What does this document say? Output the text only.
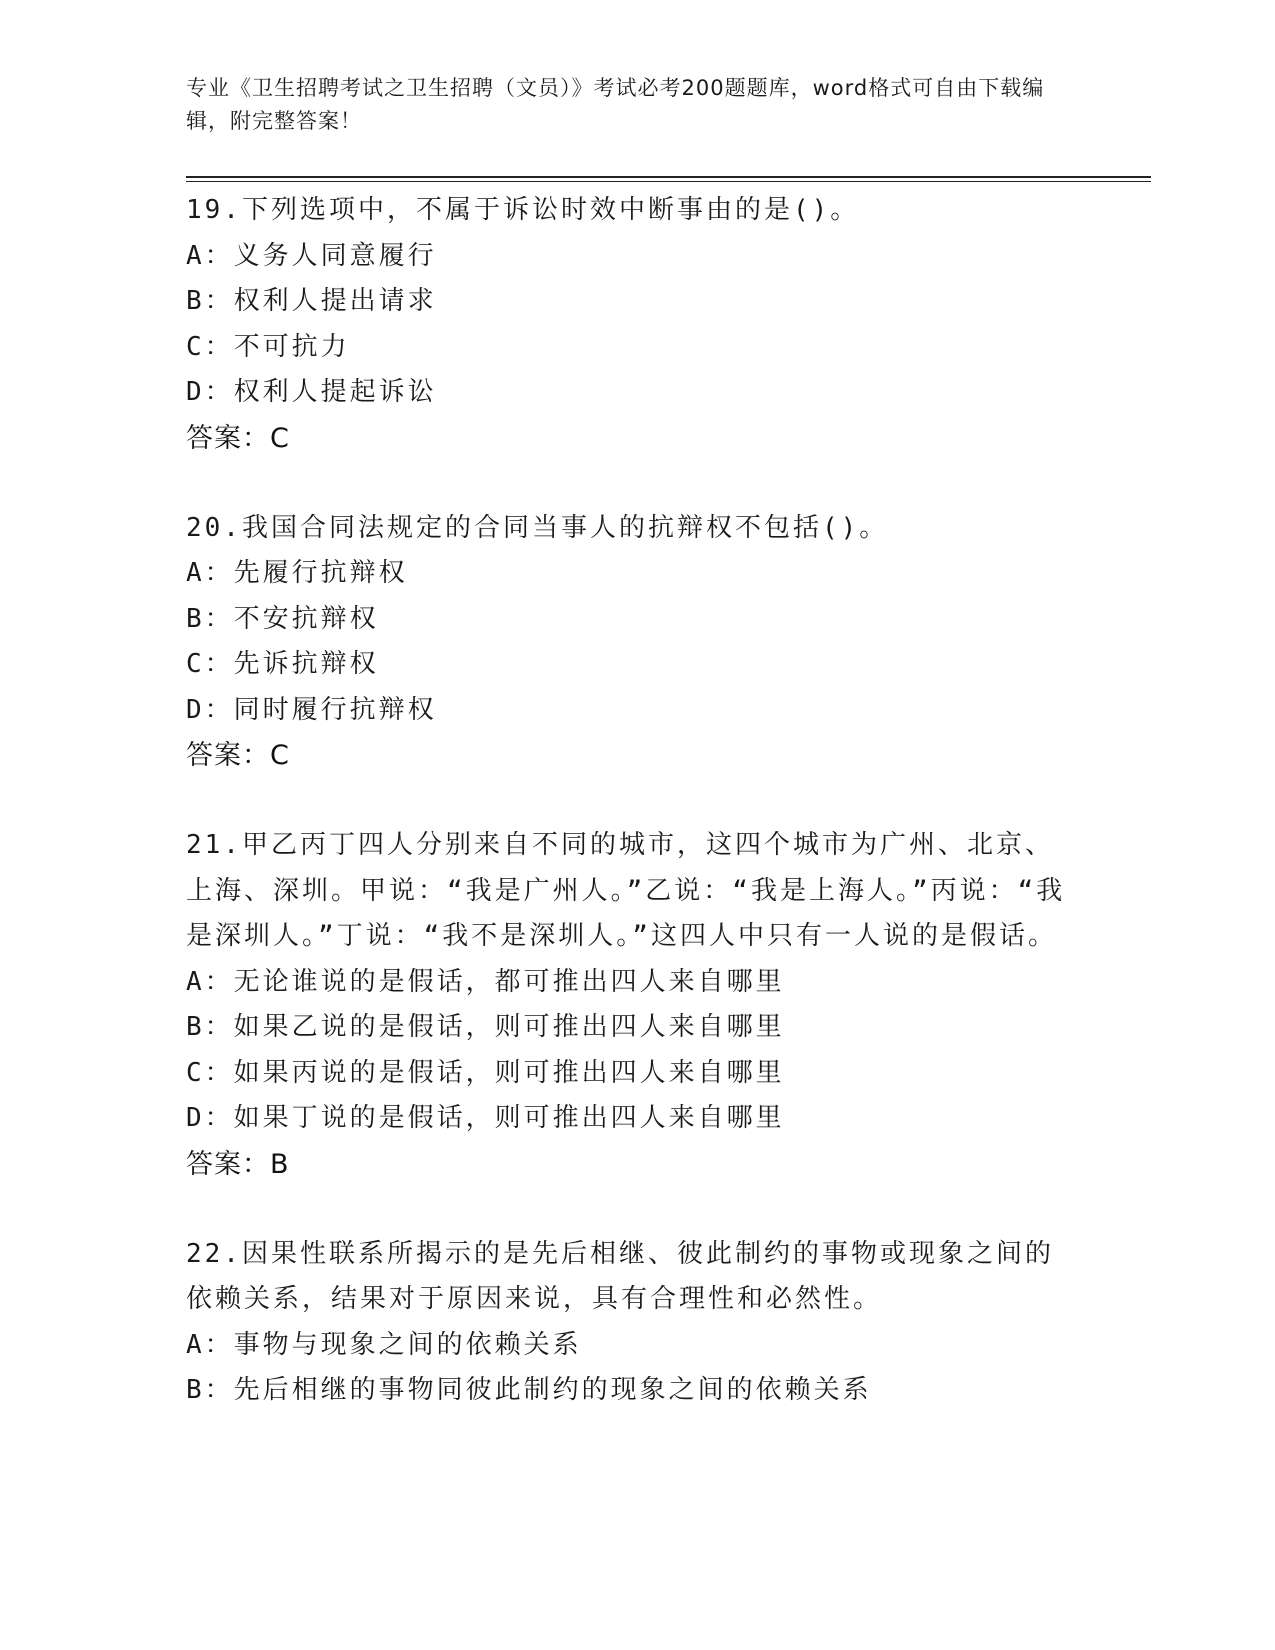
专业《卫生招聘考试之卫生招聘（文员）》考试必考200题题库，word格式可自由下载编辑，附完整答案！

19.下列选项中，不属于诉讼时效中断事由的是()。

A：义务人同意履行

B：权利人提出请求

C：不可抗力

D：权利人提起诉讼

答案：C

20.我国合同法规定的合同当事人的抗辩权不包括()。

A：先履行抗辩权

B：不安抗辩权

C：先诉抗辩权

D：同时履行抗辩权

答案：C

21.甲乙丙丁四人分别来自不同的城市，这四个城市为广州、北京、上海、深圳。甲说：“我是广州人。”乙说：“我是上海人。”丙说：“我是深圳人。”丁说：“我不是深圳人。”这四人中只有一人说的是假话。

A：无论谁说的是假话，都可推出四人来自哪里

B：如果乙说的是假话，则可推出四人来自哪里

C：如果丙说的是假话，则可推出四人来自哪里

D：如果丁说的是假话，则可推出四人来自哪里

答案：B

22.因果性联系所揭示的是先后相继、彼此制约的事物或现象之间的依赖关系，结果对于原因来说，具有合理性和必然性。

A：事物与现象之间的依赖关系

B：先后相继的事物同彼此制约的现象之间的依赖关系
